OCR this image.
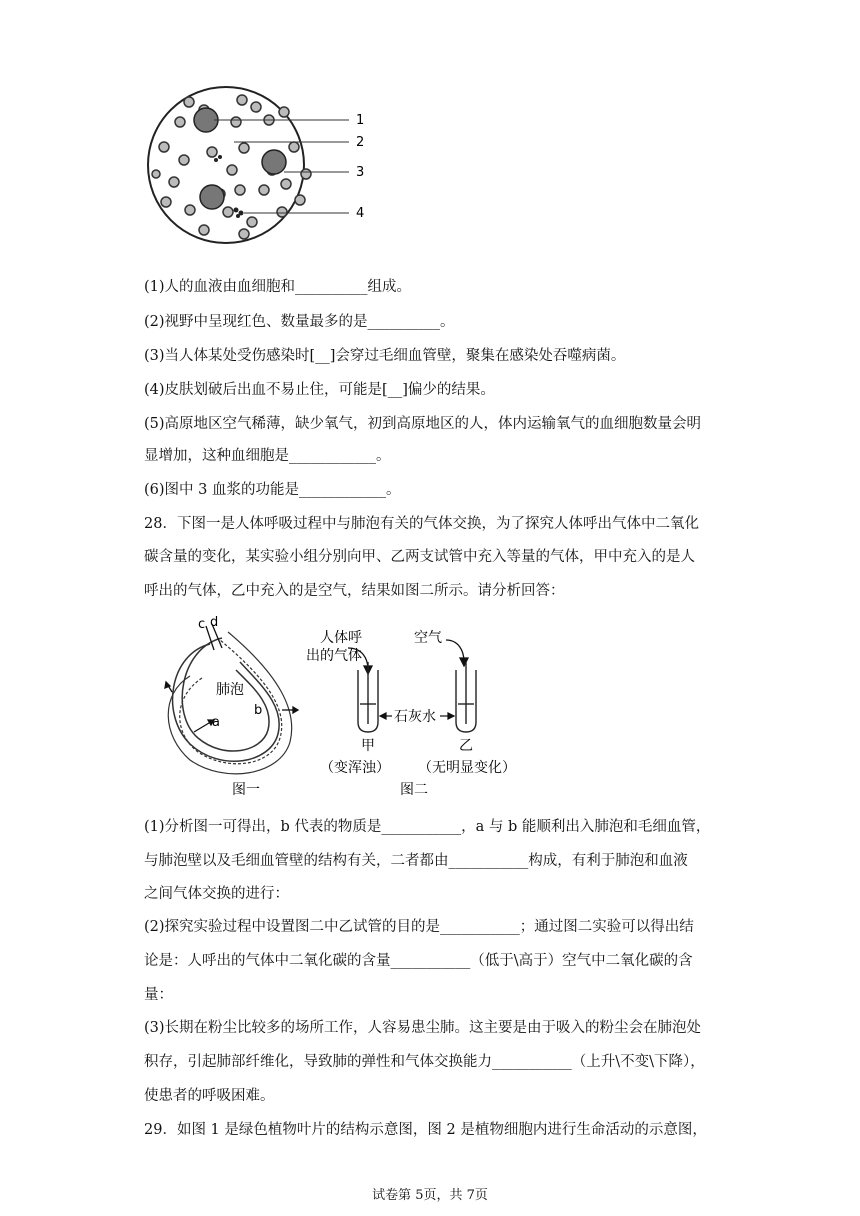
1
2
3
4
(1)人的血液由血细胞和__________组成。
(2)视野中呈现红色、数量最多的是__________。
(3)当人体某处受伤感染时[__]会穿过毛细血管壁，聚集在感染处吞噬病菌。
(4)皮肤划破后出血不易止住，可能是[__]偏少的结果。
(5)高原地区空气稀薄，缺少氧气，初到高原地区的人，体内运输氧气的血细胞数量会明
显增加，这种血细胞是____________。
(6)图中 3 血浆的功能是____________。
28．下图一是人体呼吸过程中与肺泡有关的气体交换，为了探究人体呼出气体中二氧化
碳含量的变化，某实验小组分别向甲、乙两支试管中充入等量的气体，甲中充入的是人
呼出的气体，乙中充入的是空气，结果如图二所示。请分析回答：
c d
肺泡
a
b
图一
人体呼
出的气体
空气
石灰水
甲	乙
（变浑浊） （无明显变化）
图二
(1)分析图一可得出，b 代表的物质是___________，a 与 b 能顺利出入肺泡和毛细血管，
与肺泡壁以及毛细血管壁的结构有关，二者都由___________构成，有利于肺泡和血液
之间气体交换的进行：
(2)探究实验过程中设置图二中乙试管的目的是___________；通过图二实验可以得出结
论是：人呼出的气体中二氧化碳的含量___________（低于\高于）空气中二氧化碳的含
量：
(3)长期在粉尘比较多的场所工作，人容易患尘肺。这主要是由于吸入的粉尘会在肺泡处
积存，引起肺部纤维化，导致肺的弹性和气体交换能力___________（上升\不变\下降），
使患者的呼吸困难。
29．如图 1 是绿色植物叶片的结构示意图，图 2 是植物细胞内进行生命活动的示意图，
试卷第 5页，共 7页
